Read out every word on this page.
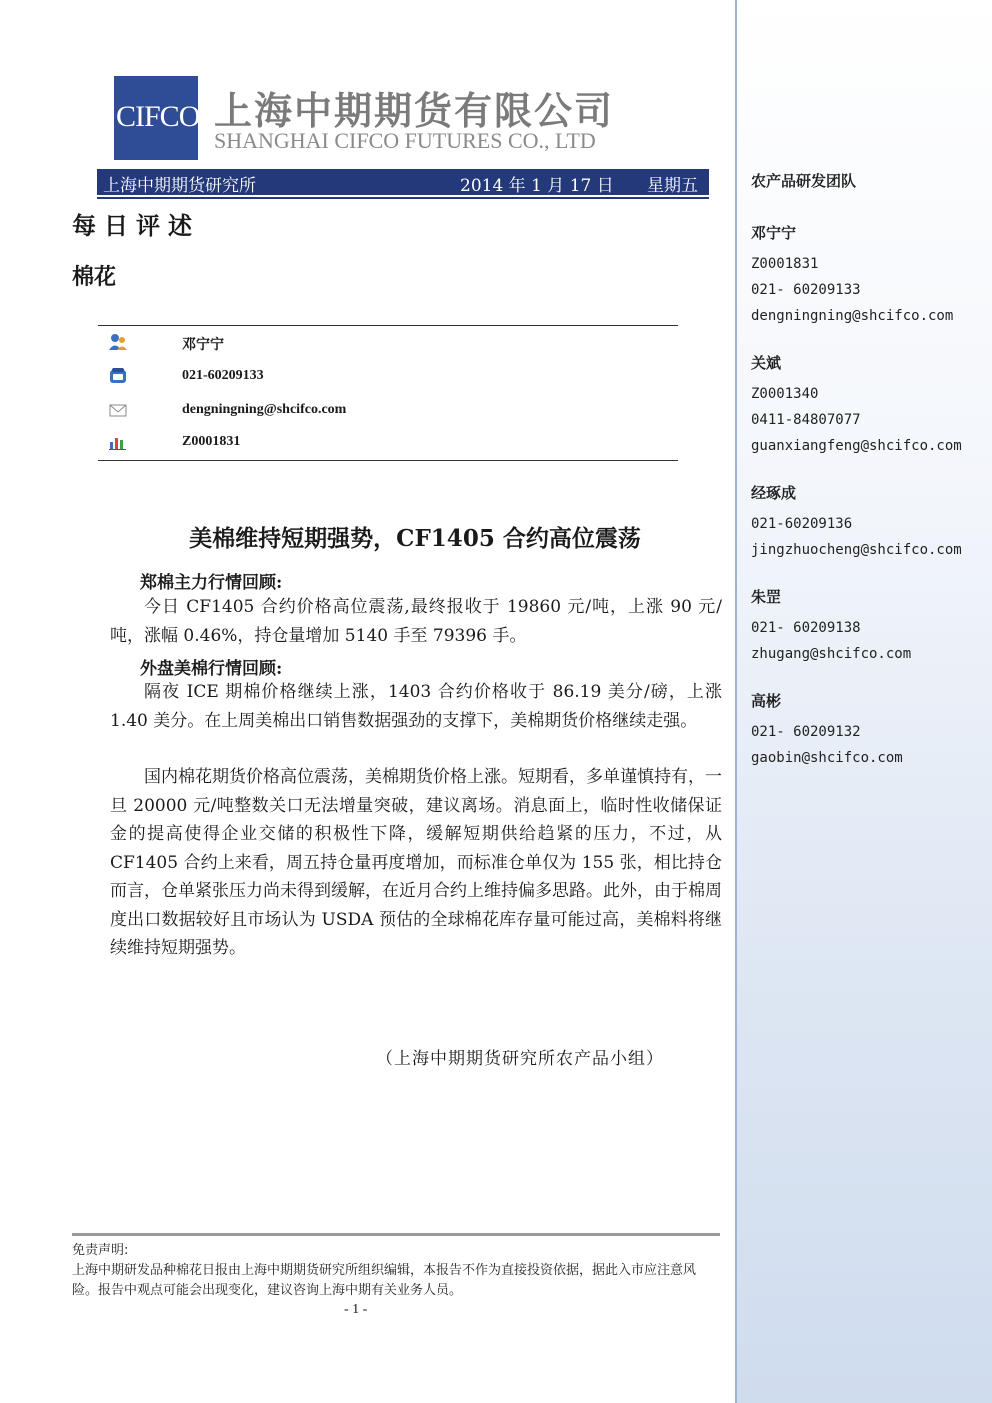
农产品研发团队
邓宁宁
Z0001831
021- 60209133
dengningning@shcifco.com
关斌
Z0001340
0411-84807077
guanxiangfeng@shcifco.com
经琢成
021-60209136
jingzhuocheng@shcifco.com
朱罡
021- 60209138
zhugang@shcifco.com
高彬
021- 60209132
gaobin@shcifco.com
CIFCO 上海中期期货有限公司
SHANGHAI CIFCO FUTURES CO., LTD
上海中期期货研究所	2014 年 1 月 17 日 星期五
每日评述
棉花
邓宁宁
021-60209133
dengningning@shcifco.com
Z0001831
美棉维持短期强势，CF1405 合约高位震荡
郑棉主力行情回顾:

今日 CF1405 合约价格高位震荡,最终报收于 19860 元/吨，上涨 90 元/吨，涨幅 0.46%，持仓量增加 5140 手至 79396 手。

外盘美棉行情回顾:

隔夜 ICE 期棉价格继续上涨，1403 合约价格收于 86.19 美分/磅，上涨 1.40 美分。在上周美棉出口销售数据强劲的支撑下，美棉期货价格继续走强。

国内棉花期货价格高位震荡，美棉期货价格上涨。短期看，多单谨慎持有，一旦 20000 元/吨整数关口无法增量突破，建议离场。消息面上，临时性收储保证金的提高使得企业交储的积极性下降，缓解短期供给趋紧的压力，不过，从 CF1405 合约上来看，周五持仓量再度增加，而标准仓单仅为 155 张，相比持仓而言，仓单紧张压力尚未得到缓解，在近月合约上维持偏多思路。此外，由于棉周度出口数据较好且市场认为 USDA 预估的全球棉花库存量可能过高，美棉料将继续维持短期强势。

（上海中期期货研究所农产品小组）
免责声明:
上海中期研发品种棉花日报由上海中期期货研究所组织编辑，本报告不作为直接投资依据，据此入市应注意风险。报告中观点可能会出现变化，建议咨询上海中期有关业务人员。
- 1 -
